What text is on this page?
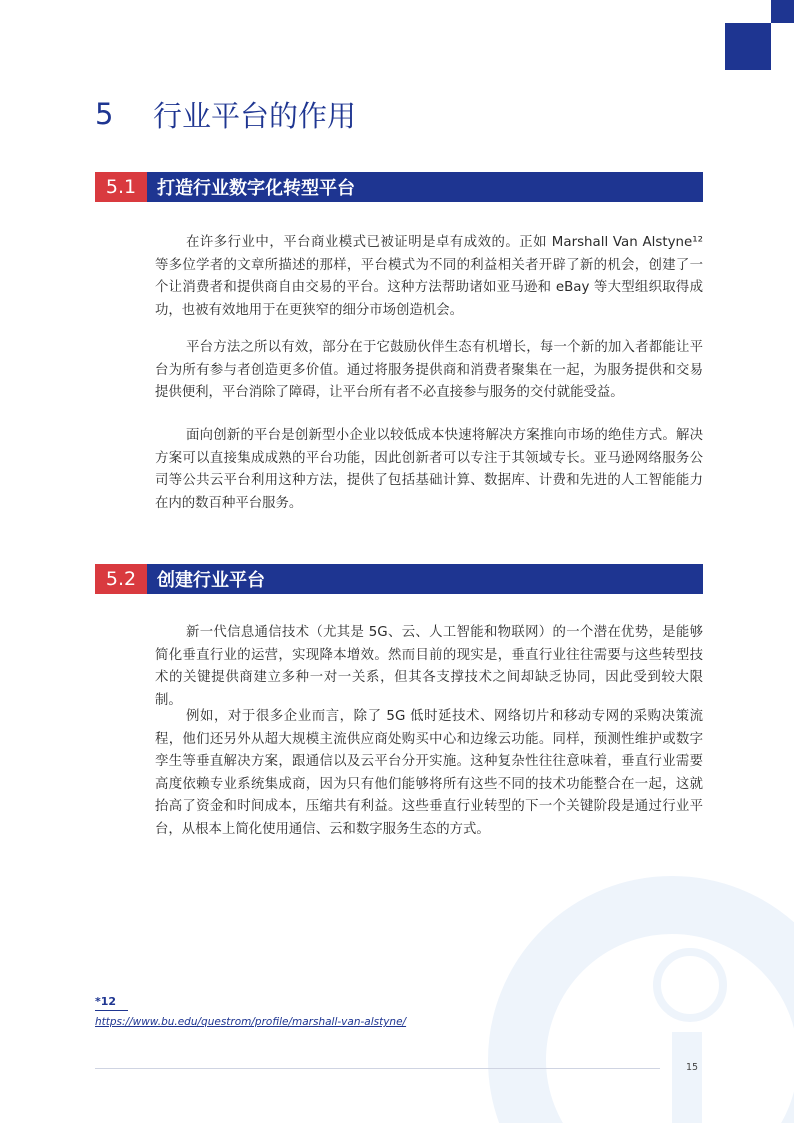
5	行业平台的作用
5.1	打造行业数字化转型平台

在许多行业中，平台商业模式已被证明是卓有成效的。正如 Marshall Van Alstyne¹² 等多位学者的文章所描述的那样，平台模式为不同的利益相关者开辟了新的机会，创建了一个让消费者和提供商自由交易的平台。这种方法帮助诸如亚马逊和 eBay 等大型组织取得成功，也被有效地用于在更狭窄的细分市场创造机会。

平台方法之所以有效，部分在于它鼓励伙伴生态有机增长，每一个新的加入者都能让平台为所有参与者创造更多价值。通过将服务提供商和消费者聚集在一起，为服务提供和交易提供便利，平台消除了障碍，让平台所有者不必直接参与服务的交付就能受益。

面向创新的平台是创新型小企业以较低成本快速将解决方案推向市场的绝佳方式。解决方案可以直接集成成熟的平台功能，因此创新者可以专注于其领域专长。亚马逊网络服务公司等公共云平台利用这种方法，提供了包括基础计算、数据库、计费和先进的人工智能能力在内的数百种平台服务。

5.2	创建行业平台

新一代信息通信技术（尤其是 5G、云、人工智能和物联网）的一个潜在优势，是能够简化垂直行业的运营，实现降本增效。然而目前的现实是，垂直行业往往需要与这些转型技术的关键提供商建立多种一对一关系，但其各支撑技术之间却缺乏协同，因此受到较大限制。

例如，对于很多企业而言，除了 5G 低时延技术、网络切片和移动专网的采购决策流程，他们还另外从超大规模主流供应商处购买中心和边缘云功能。同样，预测性维护或数字孪生等垂直解决方案，跟通信以及云平台分开实施。这种复杂性往往意味着，垂直行业需要高度依赖专业系统集成商，因为只有他们能够将所有这些不同的技术功能整合在一起，这就抬高了资金和时间成本，压缩共有利益。这些垂直行业转型的下一个关键阶段是通过行业平台，从根本上简化使用通信、云和数字服务生态的方式。

*12
https://www.bu.edu/questrom/profile/marshall-van-alstyne/
15
